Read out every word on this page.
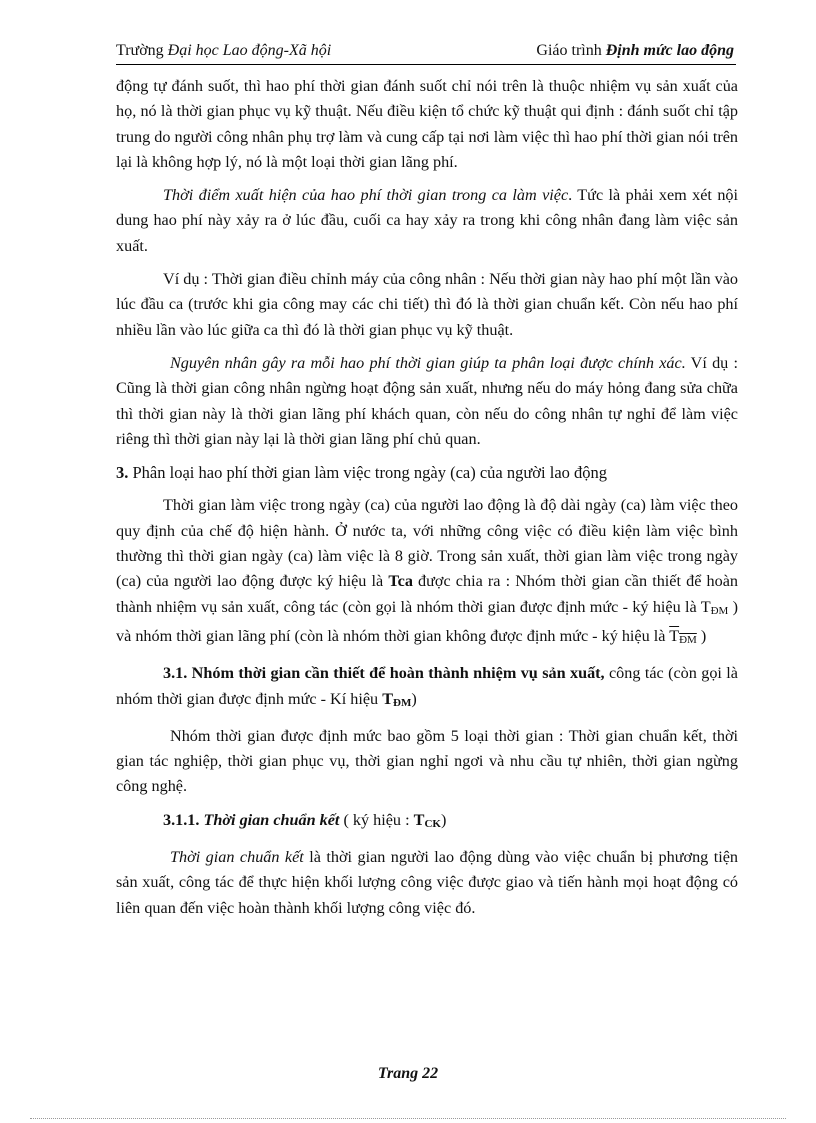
Trường Đại học Lao động-Xã hội	Giáo trình Định mức lao động

động tự đánh suốt, thì hao phí thời gian đánh suốt chỉ nói trên là thuộc nhiệm vụ sản xuất của họ, nó là thời gian phục vụ kỹ thuật. Nếu điều kiện tổ chức kỹ thuật qui định : đánh suốt chỉ tập trung do người công nhân phụ trợ làm và cung cấp tại nơi làm việc thì hao phí thời gian nói trên lại là không hợp lý, nó là một loại thời gian lãng phí.

Thời điểm xuất hiện của hao phí thời gian trong ca làm việc. Tức là phải xem xét nội dung hao phí này xảy ra ở lúc đầu, cuối ca hay xảy ra trong khi công nhân đang làm việc sản xuất.

Ví dụ : Thời gian điều chỉnh máy của công nhân : Nếu thời gian này hao phí một lần vào lúc đầu ca (trước khi gia công may các chi tiết) thì đó là thời gian chuẩn kết. Còn nếu hao phí nhiều lần vào lúc giữa ca thì đó là thời gian phục vụ kỹ thuật.

Nguyên nhân gây ra mỗi hao phí thời gian giúp ta phân loại được chính xác. Ví dụ : Cũng là thời gian công nhân ngừng hoạt động sản xuất, nhưng nếu do máy hỏng đang sửa chữa thì thời gian này là thời gian lãng phí khách quan, còn nếu do công nhân tự nghỉ để làm việc riêng thì thời gian này lại là thời gian lãng phí chủ quan.

3. Phân loại hao phí thời gian làm việc trong ngày (ca) của người lao động

Thời gian làm việc trong ngày (ca) của người lao động là độ dài ngày (ca) làm việc theo quy định của chế độ hiện hành. Ở nước ta, với những công việc có điều kiện làm việc bình thường thì thời gian ngày (ca) làm việc là 8 giờ. Trong sản xuất, thời gian làm việc trong ngày (ca) của người lao động được ký hiệu là Tca được chia ra : Nhóm thời gian cần thiết để hoàn thành nhiệm vụ sản xuất, công tác (còn gọi là nhóm thời gian được định mức - ký hiệu là TĐM ) và nhóm thời gian lãng phí (còn là nhóm thời gian không được định mức - ký hiệu là TĐM )

3.1. Nhóm thời gian cần thiết để hoàn thành nhiệm vụ sản xuất, công tác (còn gọi là nhóm thời gian được định mức - Kí hiệu TĐM)

Nhóm thời gian được định mức bao gồm 5 loại thời gian : Thời gian chuẩn kết, thời gian tác nghiệp, thời gian phục vụ, thời gian nghỉ ngơi và nhu cầu tự nhiên, thời gian ngừng công nghệ.

3.1.1. Thời gian chuẩn kết ( ký hiệu : TCK)

Thời gian chuẩn kết là thời gian người lao động dùng vào việc chuẩn bị phương tiện sản xuất, công tác để thực hiện khối lượng công việc được giao và tiến hành mọi hoạt động có liên quan đến việc hoàn thành khối lượng công việc đó.

Trang 22
